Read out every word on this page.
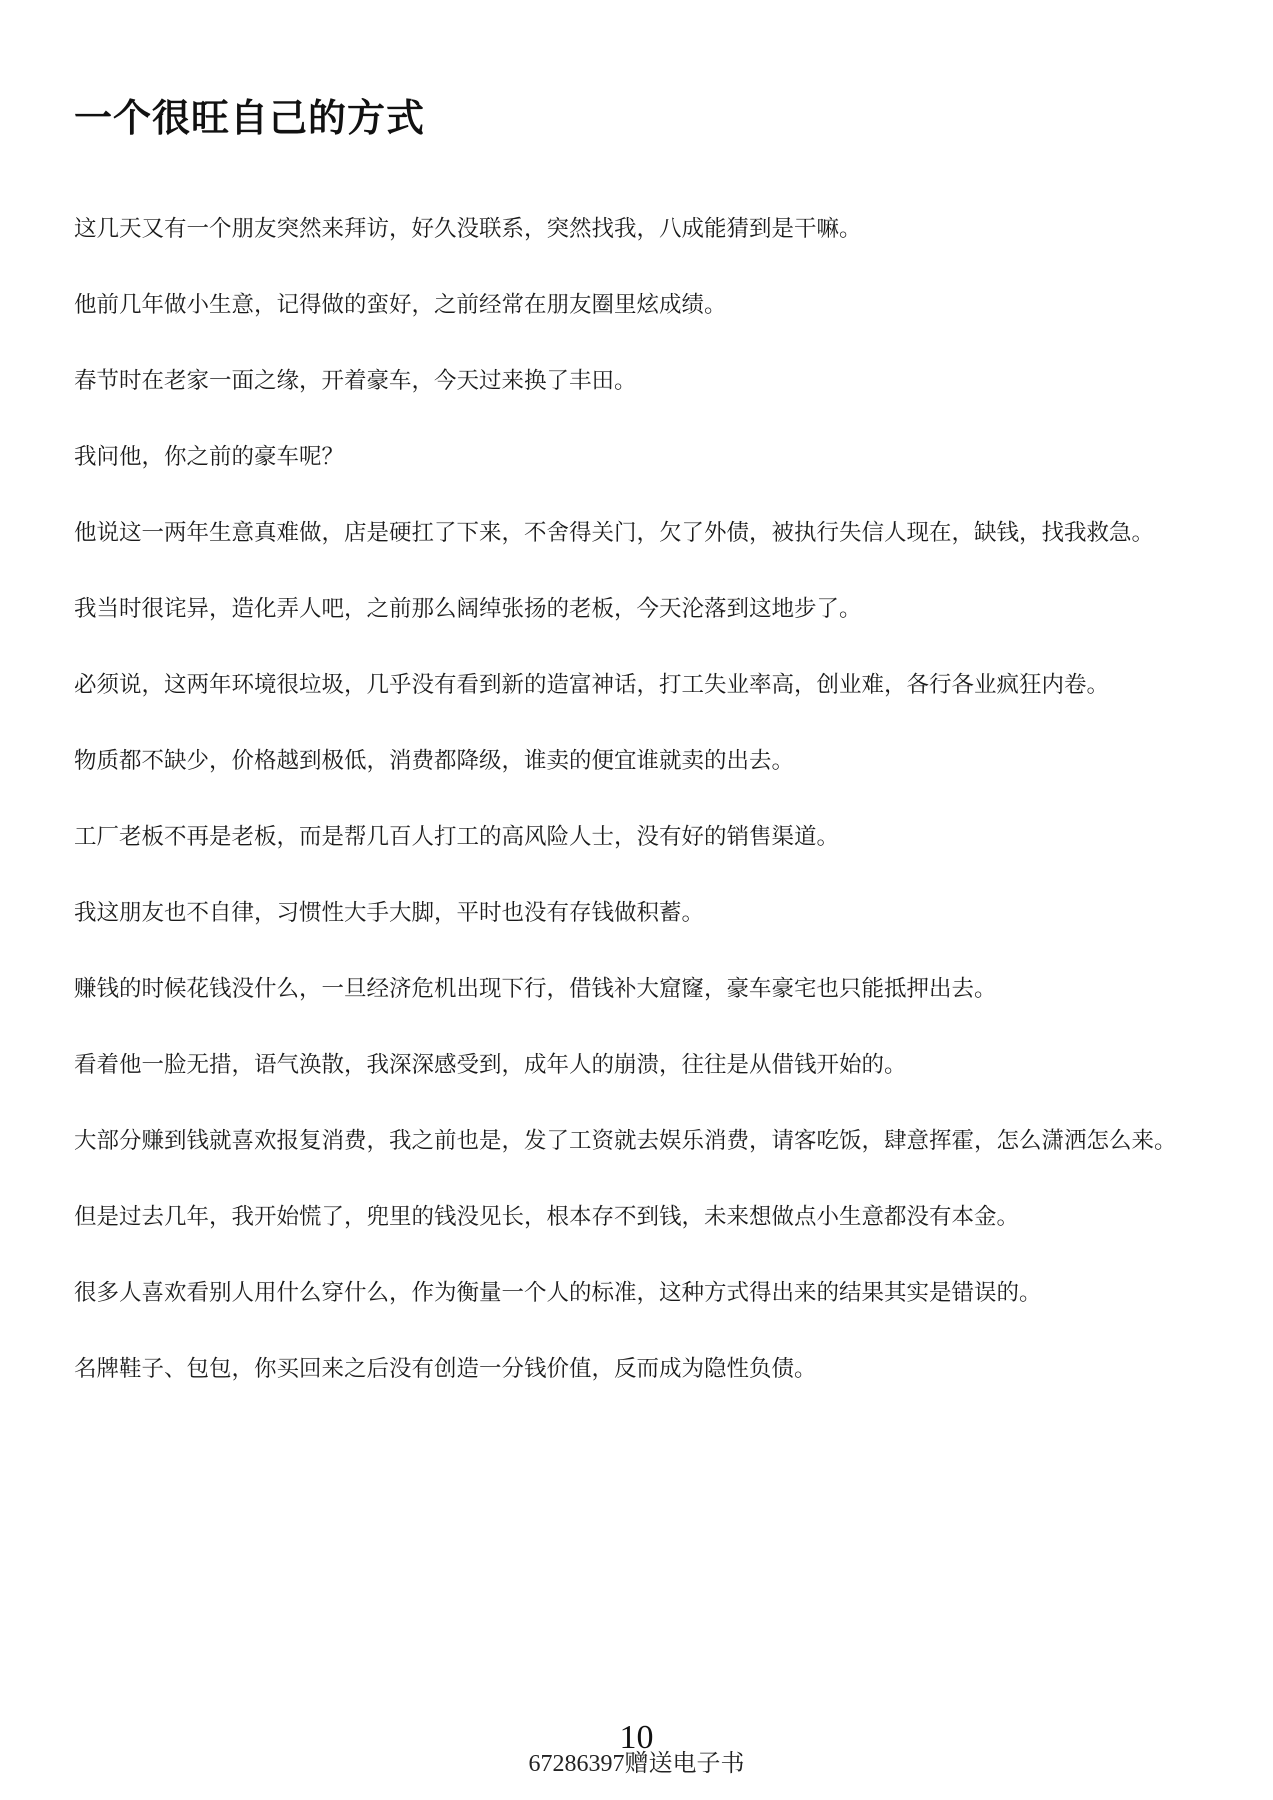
一个很旺自己的方式

这几天又有一个朋友突然来拜访，好久没联系，突然找我，八成能猜到是干嘛。

他前几年做小生意，记得做的蛮好，之前经常在朋友圈里炫成绩。

春节时在老家一面之缘，开着豪车，今天过来换了丰田。

我问他，你之前的豪车呢？

他说这一两年生意真难做，店是硬扛了下来，不舍得关门，欠了外债，被执行失信人现在，缺钱，找我救急。

我当时很诧异，造化弄人吧，之前那么阔绰张扬的老板，今天沦落到这地步了。

必须说，这两年环境很垃圾，几乎没有看到新的造富神话，打工失业率高，创业难，各行各业疯狂内卷。

物质都不缺少，价格越到极低，消费都降级，谁卖的便宜谁就卖的出去。

工厂老板不再是老板，而是帮几百人打工的高风险人士，没有好的销售渠道。

我这朋友也不自律，习惯性大手大脚，平时也没有存钱做积蓄。

赚钱的时候花钱没什么，一旦经济危机出现下行，借钱补大窟窿，豪车豪宅也只能抵押出去。

看着他一脸无措，语气涣散，我深深感受到，成年人的崩溃，往往是从借钱开始的。

大部分赚到钱就喜欢报复消费，我之前也是，发了工资就去娱乐消费，请客吃饭，肆意挥霍，怎么潇洒怎么来。

但是过去几年，我开始慌了，兜里的钱没见长，根本存不到钱，未来想做点小生意都没有本金。

很多人喜欢看别人用什么穿什么，作为衡量一个人的标准，这种方式得出来的结果其实是错误的。

名牌鞋子、包包，你买回来之后没有创造一分钱价值，反而成为隐性负债。

10
67286397赠送电子书
